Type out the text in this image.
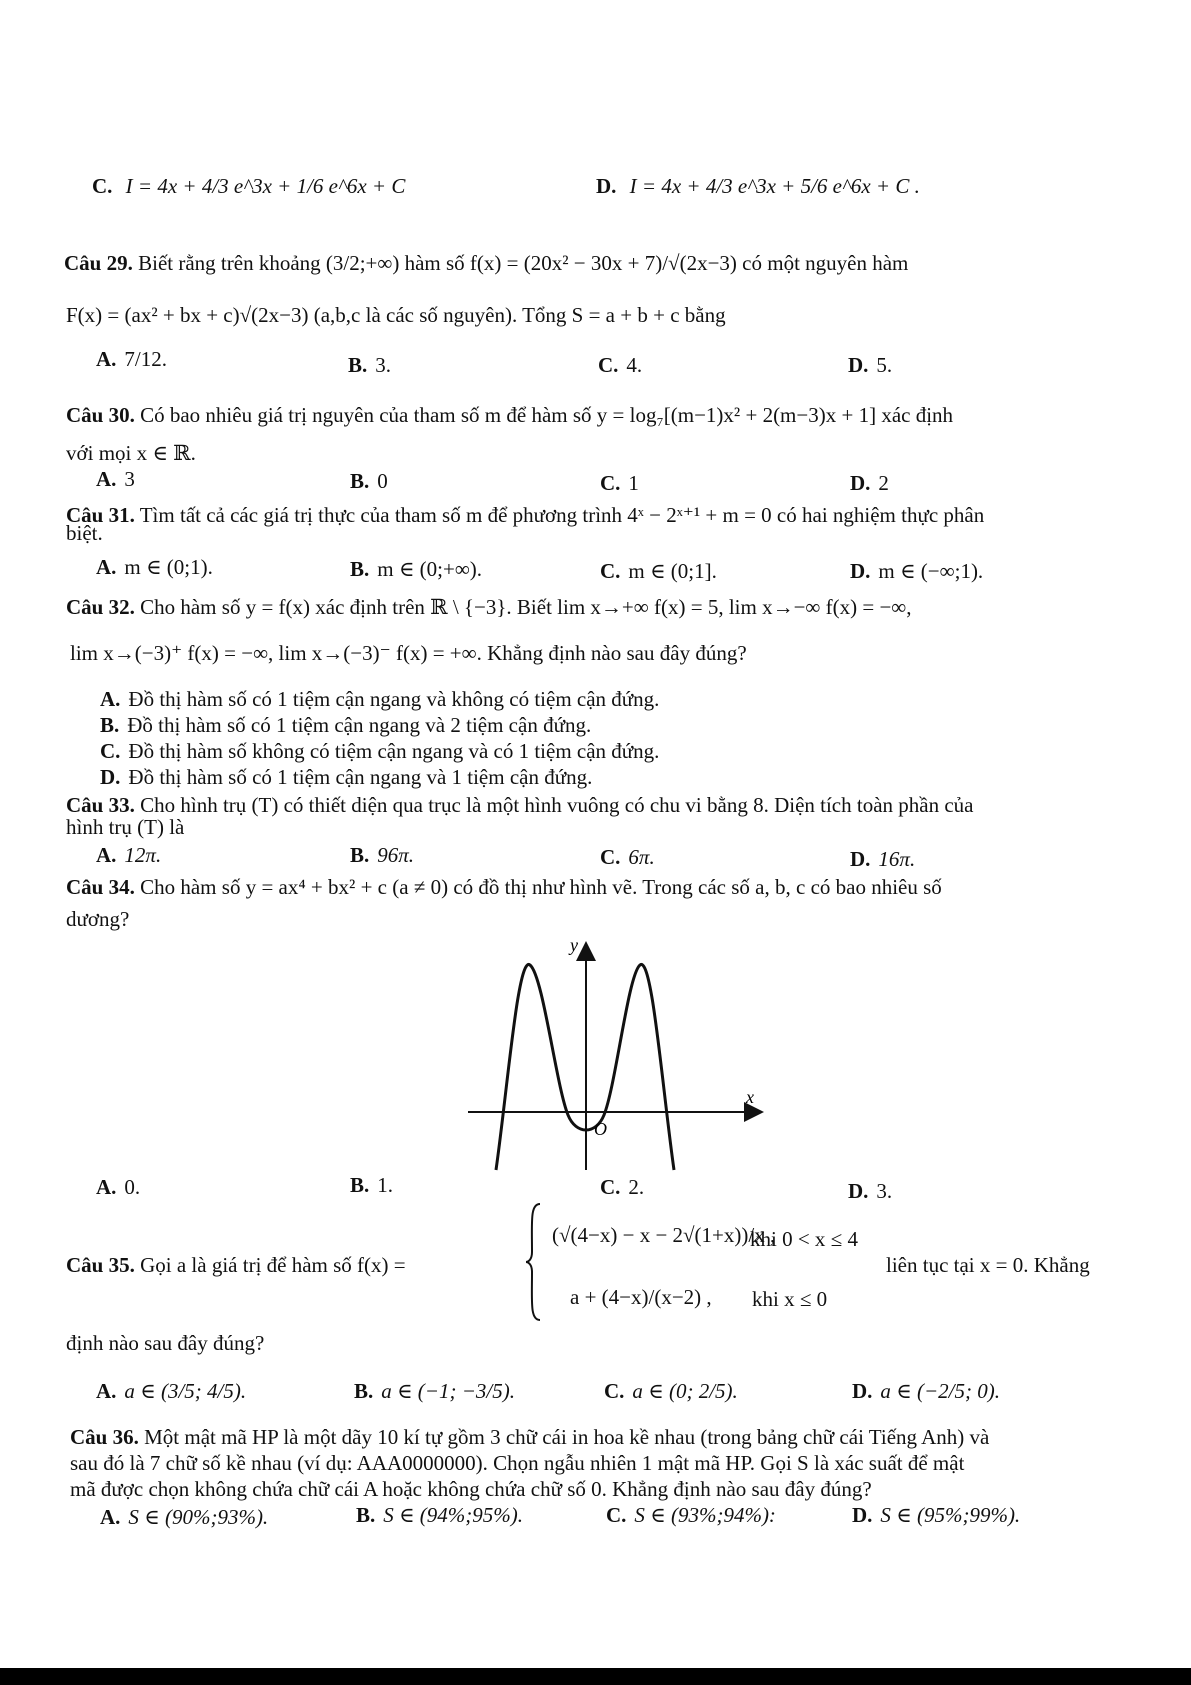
C. I = 4x + 4/3 e^3x + 1/6 e^6x + C	D. I = 4x + 4/3 e^3x + 5/6 e^6x + C .
Câu 29. Biết rằng trên khoảng (3/2;+∞) hàm số f(x) = (20x² − 30x + 7)/√(2x−3) có một nguyên hàm
F(x) = (ax² + bx + c)√(2x−3) (a,b,c là các số nguyên). Tổng S = a + b + c bằng
A. 7/12.	B. 3.	C. 4.	D. 5.
Câu 30. Có bao nhiêu giá trị nguyên của tham số m để hàm số y = log₇[(m−1)x² + 2(m−3)x + 1] xác định
với mọi x ∈ ℝ.
A. 3	B. 0	C. 1	D. 2
Câu 31. Tìm tất cả các giá trị thực của tham số m để phương trình 4ˣ − 2ˣ⁺¹ + m = 0 có hai nghiệm thực phân
biệt.
A. m ∈ (0;1).	B. m ∈ (0;+∞).	C. m ∈ (0;1].	D. m ∈ (−∞;1).
Câu 32. Cho hàm số y = f(x) xác định trên ℝ \ {−3}. Biết lim x→+∞ f(x) = 5, lim x→−∞ f(x) = −∞,
lim x→(−3)⁺ f(x) = −∞, lim x→(−3)⁻ f(x) = +∞. Khẳng định nào sau đây đúng?
A. Đồ thị hàm số có 1 tiệm cận ngang và không có tiệm cận đứng.
B. Đồ thị hàm số có 1 tiệm cận ngang và 2 tiệm cận đứng.
C. Đồ thị hàm số không có tiệm cận ngang và có 1 tiệm cận đứng.
D. Đồ thị hàm số có 1 tiệm cận ngang và 1 tiệm cận đứng.
Câu 33. Cho hình trụ (T) có thiết diện qua trục là một hình vuông có chu vi bằng 8. Diện tích toàn phần của
hình trụ (T) là
A. 12π.	B. 96π.	C. 6π.	D. 16π.
Câu 34. Cho hàm số y = ax⁴ + bx² + c (a ≠ 0) có đồ thị như hình vẽ. Trong các số a, b, c có bao nhiêu số
dương?
y
x
O
A. 0.	B. 1.	C. 2.	D. 3.
Câu 35. Gọi a là giá trị để hàm số f(x) =
(√(4−x) − x − 2√(1+x))/x ,
khi 0 < x ≤ 4
a + (4−x)/(x−2) , khi x ≤ 0
liên tục tại x = 0. Khẳng
định nào sau đây đúng?
A. a ∈ (3/5; 4/5).	B. a ∈ (−1; −3/5).	C. a ∈ (0; 2/5).	D. a ∈ (−2/5; 0).
Câu 36. Một mật mã HP là một dãy 10 kí tự gồm 3 chữ cái in hoa kề nhau (trong bảng chữ cái Tiếng Anh) và
sau đó là 7 chữ số kề nhau (ví dụ: AAA0000000). Chọn ngẫu nhiên 1 mật mã HP. Gọi S là xác suất để mật
mã được chọn không chứa chữ cái A hoặc không chứa chữ số 0. Khẳng định nào sau đây đúng?
A. S ∈ (90%;93%).	B. S ∈ (94%;95%).	C. S ∈ (93%;94%):	D. S ∈ (95%;99%).
